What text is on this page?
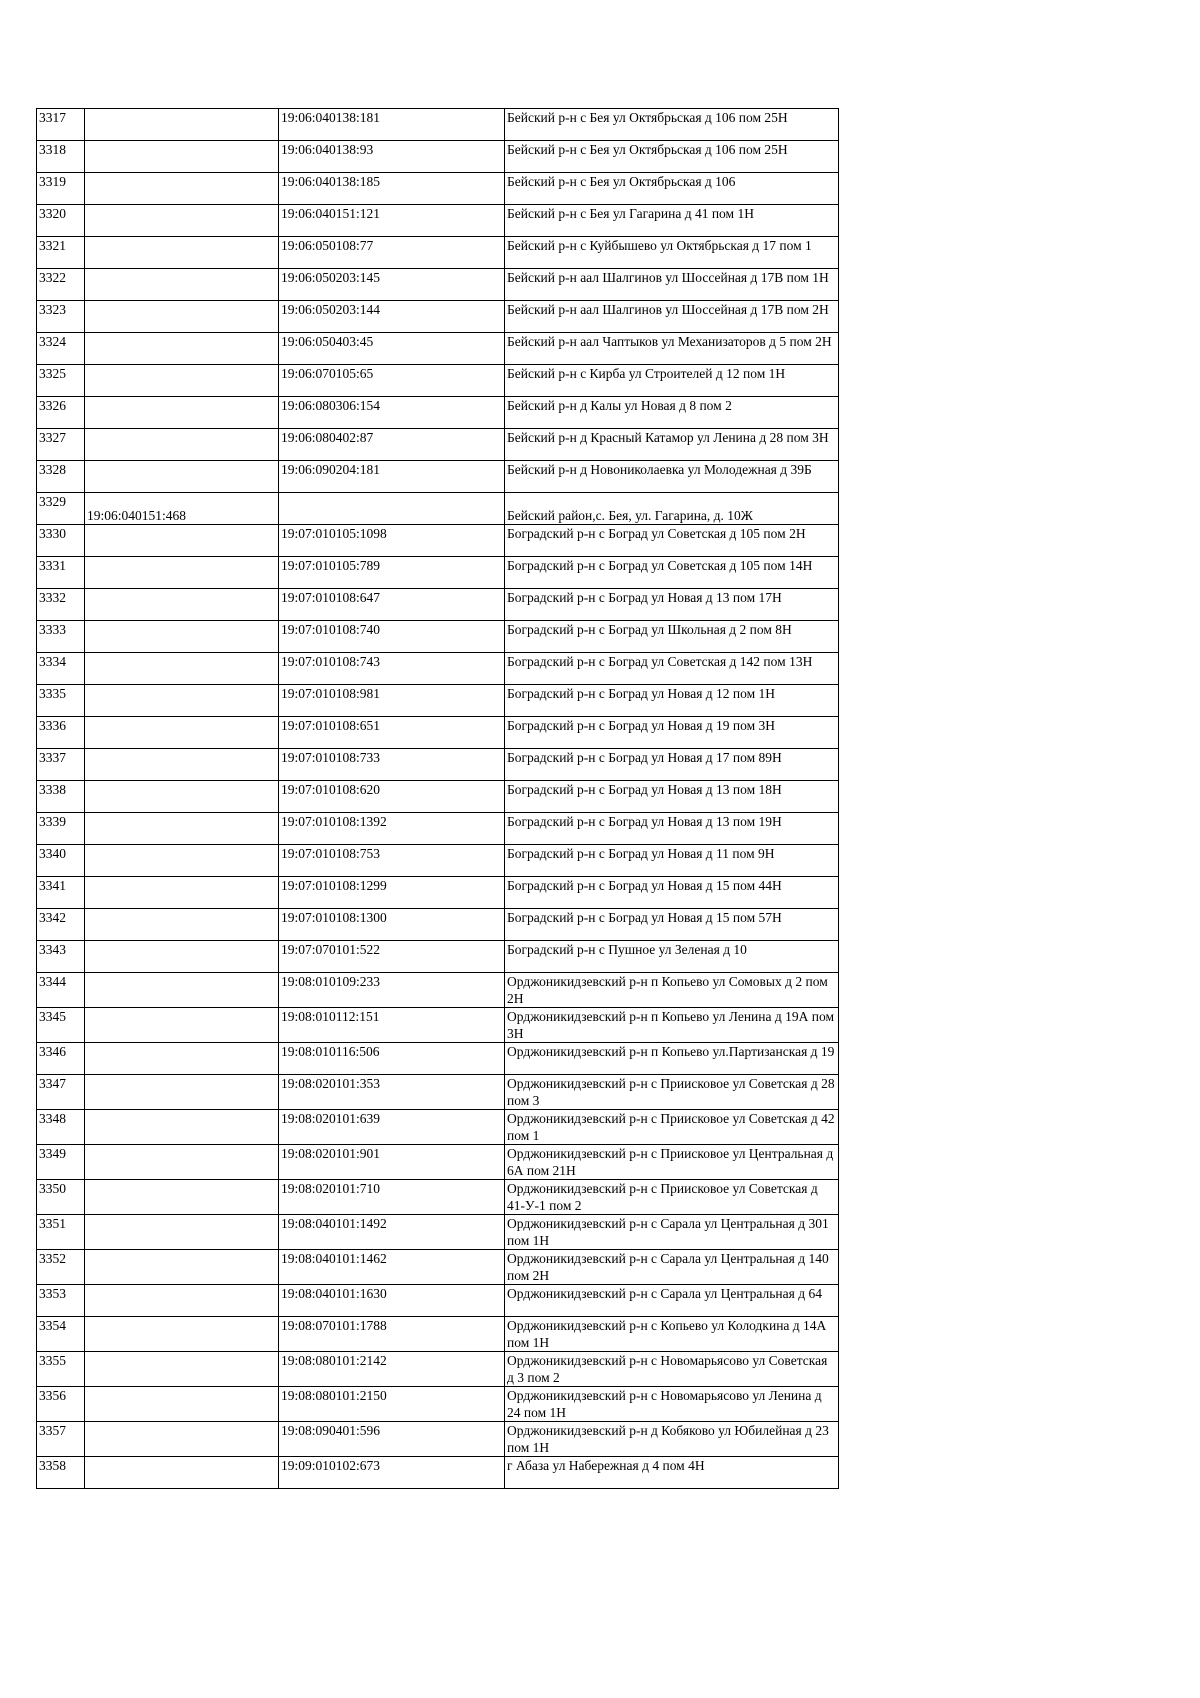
3317		19:06:040138:181	Бейский р-н с Бея ул Октябрьская д 106 пом 25Н

3318		19:06:040138:93	Бейский р-н с Бея ул Октябрьская д 106 пом 25Н

3319		19:06:040138:185	Бейский р-н с Бея ул Октябрьская д 106

3320		19:06:040151:121	Бейский р-н с Бея ул Гагарина д 41 пом 1Н

3321		19:06:050108:77	Бейский р-н с Куйбышево ул Октябрьская д 17 пом 1

3322		19:06:050203:145	Бейский р-н аал Шалгинов ул Шоссейная д 17В пом 1Н

3323		19:06:050203:144	Бейский р-н аал Шалгинов ул Шоссейная д 17В пом 2Н

3324		19:06:050403:45	Бейский р-н аал Чаптыков ул Механизаторов д 5 пом 2Н

3325		19:06:070105:65	Бейский р-н с Кирба ул Строителей д 12 пом 1Н

3326		19:06:080306:154	Бейский р-н д Калы ул Новая д 8 пом 2

3327		19:06:080402:87	Бейский р-н д Красный Катамор ул Ленина д 28 пом 3Н

3328		19:06:090204:181	Бейский р-н д Новониколаевка ул Молодежная д 39Б

3329	19:06:040151:468		Бейский район,с. Бея, ул. Гагарина, д. 10Ж

3330		19:07:010105:1098	Боградский р-н с Боград ул Советская д 105 пом 2Н

3331		19:07:010105:789	Боградский р-н с Боград ул Советская д 105 пом 14Н

3332		19:07:010108:647	Боградский р-н с Боград ул Новая д 13 пом 17Н

3333		19:07:010108:740	Боградский р-н с Боград ул Школьная д 2 пом 8Н

3334		19:07:010108:743	Боградский р-н с Боград ул Советская д 142 пом 13Н

3335		19:07:010108:981	Боградский р-н с Боград ул Новая д 12 пом 1Н

3336		19:07:010108:651	Боградский р-н с Боград ул Новая д 19 пом 3Н

3337		19:07:010108:733	Боградский р-н с Боград ул Новая д 17 пом 89Н

3338		19:07:010108:620	Боградский р-н с Боград ул Новая д 13 пом 18Н

3339		19:07:010108:1392	Боградский р-н с Боград ул Новая д 13 пом 19Н

3340		19:07:010108:753	Боградский р-н с Боград ул Новая д 11 пом 9Н

3341		19:07:010108:1299	Боградский р-н с Боград ул Новая д 15 пом 44Н

3342		19:07:010108:1300	Боградский р-н с Боград ул Новая д 15 пом 57Н

3343		19:07:070101:522	Боградский р-н с Пушное ул Зеленая д 10

3344		19:08:010109:233	Орджоникидзевский р-н п Копьево ул Сомовых д 2 пом 2Н

3345		19:08:010112:151	Орджоникидзевский р-н п Копьево ул Ленина д 19А пом 3Н

3346		19:08:010116:506	Орджоникидзевский р-н п Копьево ул.Партизанская д 19

3347		19:08:020101:353	Орджоникидзевский р-н с Приисковое ул Советская д 28 пом 3

3348		19:08:020101:639	Орджоникидзевский р-н с Приисковое ул Советская д 42 пом 1

3349		19:08:020101:901	Орджоникидзевский р-н с Приисковое ул Центральная д 6А пом 21Н

3350		19:08:020101:710	Орджоникидзевский р-н с Приисковое ул Советская д 41-У-1 пом 2

3351		19:08:040101:1492	Орджоникидзевский р-н с Сарала ул Центральная д 301 пом 1Н

3352		19:08:040101:1462	Орджоникидзевский р-н с Сарала ул Центральная д 140 пом 2Н

3353		19:08:040101:1630	Орджоникидзевский р-н с Сарала ул Центральная д 64

3354		19:08:070101:1788	Орджоникидзевский р-н с Копьево ул Колодкина д 14А пом 1Н

3355		19:08:080101:2142	Орджоникидзевский р-н с Новомарьясово ул Советская д 3 пом 2

3356		19:08:080101:2150	Орджоникидзевский р-н с Новомарьясово ул Ленина д 24 пом 1Н

3357		19:08:090401:596	Орджоникидзевский р-н д Кобяково ул Юбилейная д 23 пом 1Н

3358		19:09:010102:673	г Абаза ул Набережная д 4 пом 4Н
